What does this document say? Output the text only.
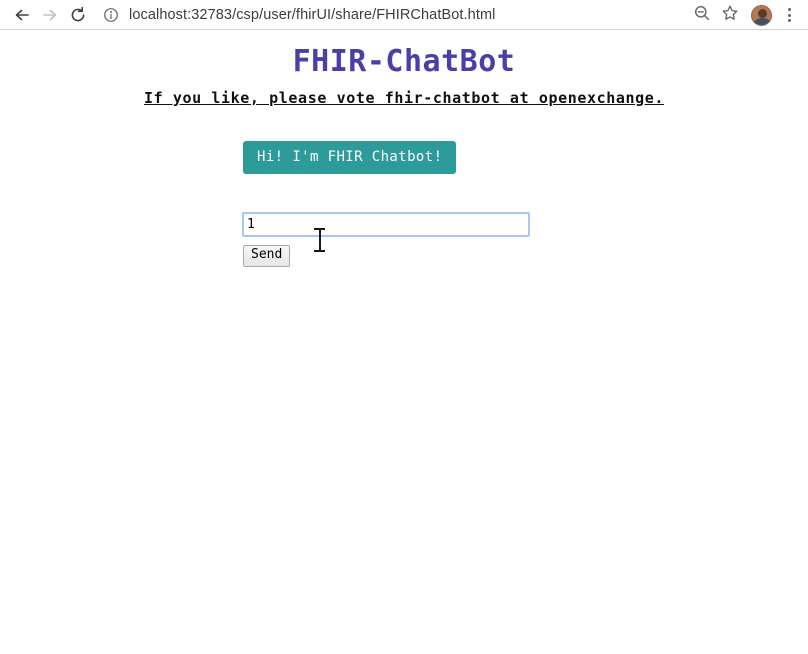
localhost:32783/csp/user/fhirUI/share/FHIRChatBot.html
FHIR-ChatBot
If you like, please vote fhir-chatbot at openexchange.
Hi! I'm FHIR Chatbot!
1
Send
